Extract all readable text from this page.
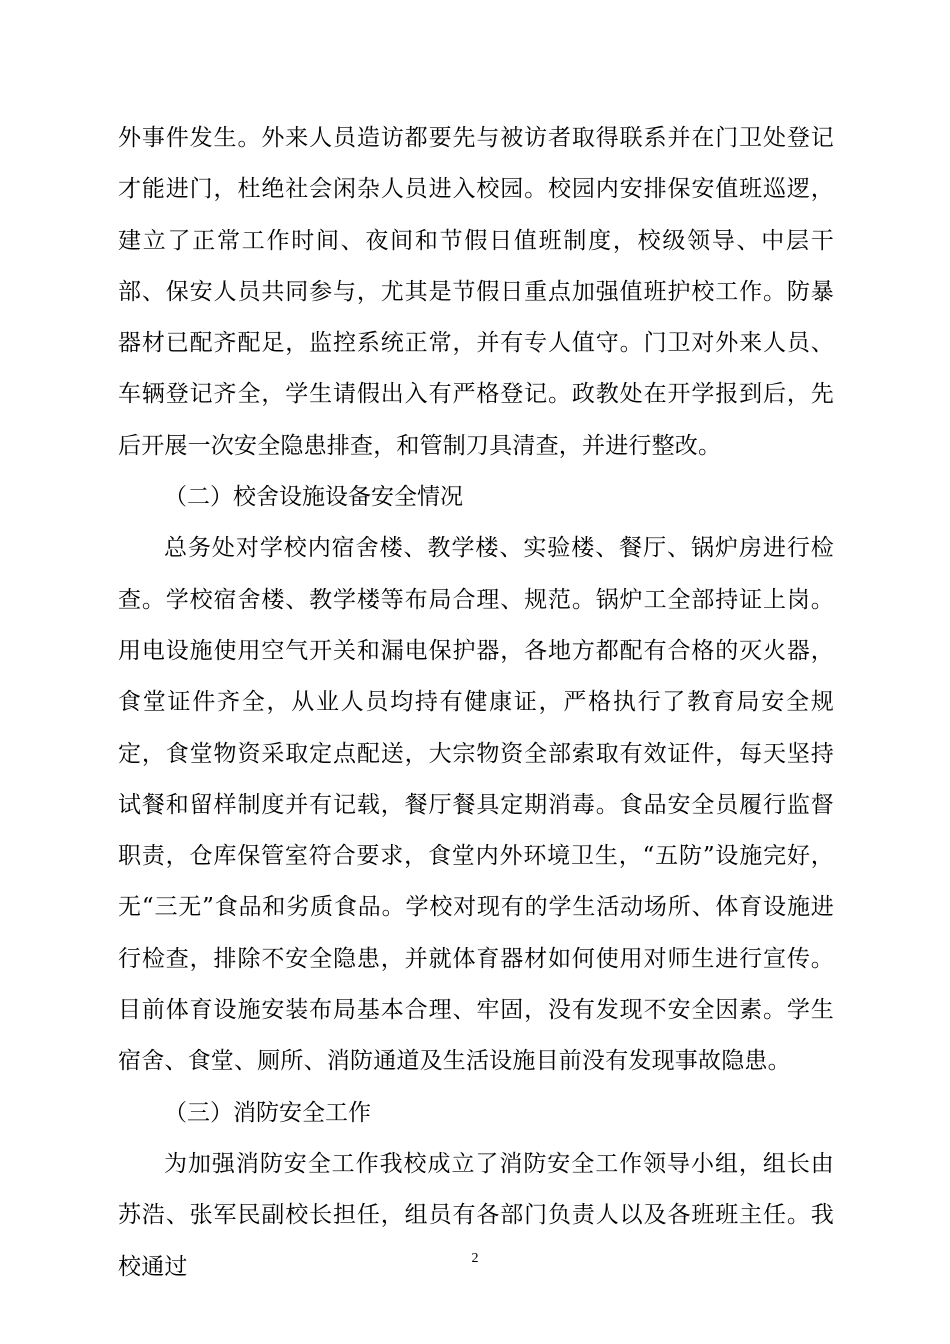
外事件发生。外来人员造访都要先与被访者取得联系并在门卫处登记才能进门，杜绝社会闲杂人员进入校园。校园内安排保安值班巡逻，建立了正常工作时间、夜间和节假日值班制度，校级领导、中层干部、保安人员共同参与，尤其是节假日重点加强值班护校工作。防暴器材已配齐配足，监控系统正常，并有专人值守。门卫对外来人员、车辆登记齐全，学生请假出入有严格登记。政教处在开学报到后，先后开展一次安全隐患排查，和管制刀具清查，并进行整改。

（二）校舍设施设备安全情况

总务处对学校内宿舍楼、教学楼、实验楼、餐厅、锅炉房进行检查。学校宿舍楼、教学楼等布局合理、规范。锅炉工全部持证上岗。用电设施使用空气开关和漏电保护器，各地方都配有合格的灭火器，食堂证件齐全，从业人员均持有健康证，严格执行了教育局安全规定，食堂物资采取定点配送，大宗物资全部索取有效证件，每天坚持试餐和留样制度并有记载，餐厅餐具定期消毒。食品安全员履行监督职责，仓库保管室符合要求，食堂内外环境卫生，“五防”设施完好，无“三无”食品和劣质食品。学校对现有的学生活动场所、体育设施进行检查，排除不安全隐患，并就体育器材如何使用对师生进行宣传。目前体育设施安装布局基本合理、牢固，没有发现不安全因素。学生宿舍、食堂、厕所、消防通道及生活设施目前没有发现事故隐患。

（三）消防安全工作

为加强消防安全工作我校成立了消防安全工作领导小组，组长由苏浩、张军民副校长担任，组员有各部门负责人以及各班班主任。我校通过	2
